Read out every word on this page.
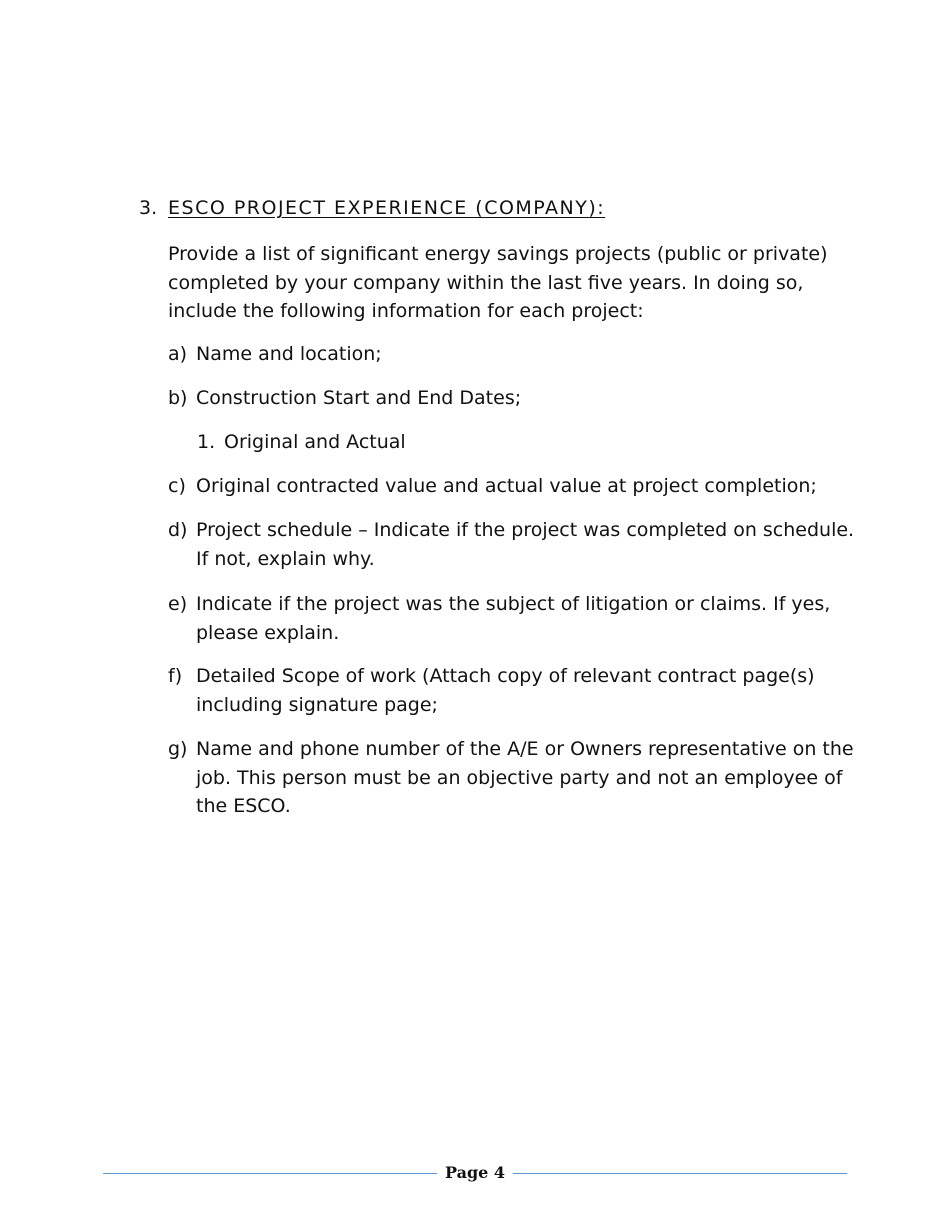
3. ESCO PROJECT EXPERIENCE (COMPANY):

Provide a list of significant energy savings projects (public or private) completed by your company within the last five years. In doing so, include the following information for each project:

a) Name and location;
b) Construction Start and End Dates;
1. Original and Actual
c) Original contracted value and actual value at project completion;
d) Project schedule – Indicate if the project was completed on schedule. If not, explain why.
e) Indicate if the project was the subject of litigation or claims. If yes, please explain.
f) Detailed Scope of work (Attach copy of relevant contract page(s) including signature page;
g) Name and phone number of the A/E or Owners representative on the job. This person must be an objective party and not an employee of the ESCO.
Page 4
